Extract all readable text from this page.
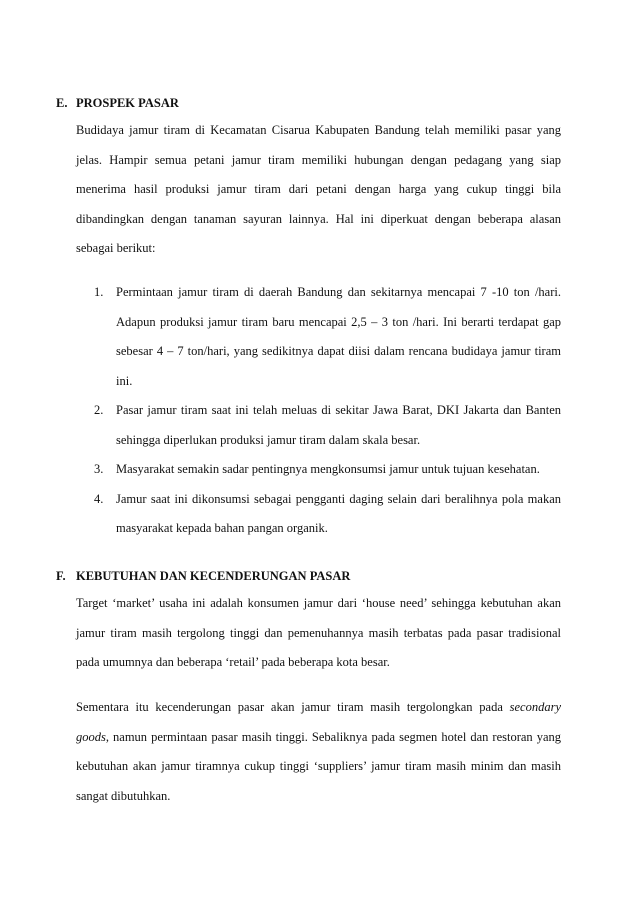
E. PROSPEK PASAR

Budidaya jamur tiram di Kecamatan Cisarua Kabupaten Bandung telah memiliki pasar yang jelas. Hampir semua petani jamur tiram memiliki hubungan dengan pedagang yang siap menerima hasil produksi jamur tiram dari petani dengan harga yang cukup tinggi bila dibandingkan dengan tanaman sayuran lainnya. Hal ini diperkuat dengan beberapa alasan sebagai berikut:

1. Permintaan jamur tiram di daerah Bandung dan sekitarnya mencapai 7 -10 ton /hari. Adapun produksi jamur tiram baru mencapai 2,5 – 3 ton /hari. Ini berarti terdapat gap sebesar 4 – 7 ton/hari, yang sedikitnya dapat diisi dalam rencana budidaya jamur tiram ini.
2. Pasar jamur tiram saat ini telah meluas di sekitar Jawa Barat, DKI Jakarta dan Banten sehingga diperlukan produksi jamur tiram dalam skala besar.
3. Masyarakat semakin sadar pentingnya mengkonsumsi jamur untuk tujuan kesehatan.
4. Jamur saat ini dikonsumsi sebagai pengganti daging selain dari beralihnya pola makan masyarakat kepada bahan pangan organik.
F. KEBUTUHAN DAN KECENDERUNGAN PASAR

Target ‘market’ usaha ini adalah konsumen jamur dari ‘house need’ sehingga kebutuhan akan jamur tiram masih tergolong tinggi dan pemenuhannya masih terbatas pada pasar tradisional pada umumnya dan beberapa ‘retail’ pada beberapa kota besar.

Sementara itu kecenderungan pasar akan jamur tiram masih tergolongkan pada secondary goods, namun permintaan pasar masih tinggi. Sebaliknya pada segmen hotel dan restoran yang kebutuhan akan jamur tiramnya cukup tinggi ‘suppliers’ jamur tiram masih minim dan masih sangat dibutuhkan.
